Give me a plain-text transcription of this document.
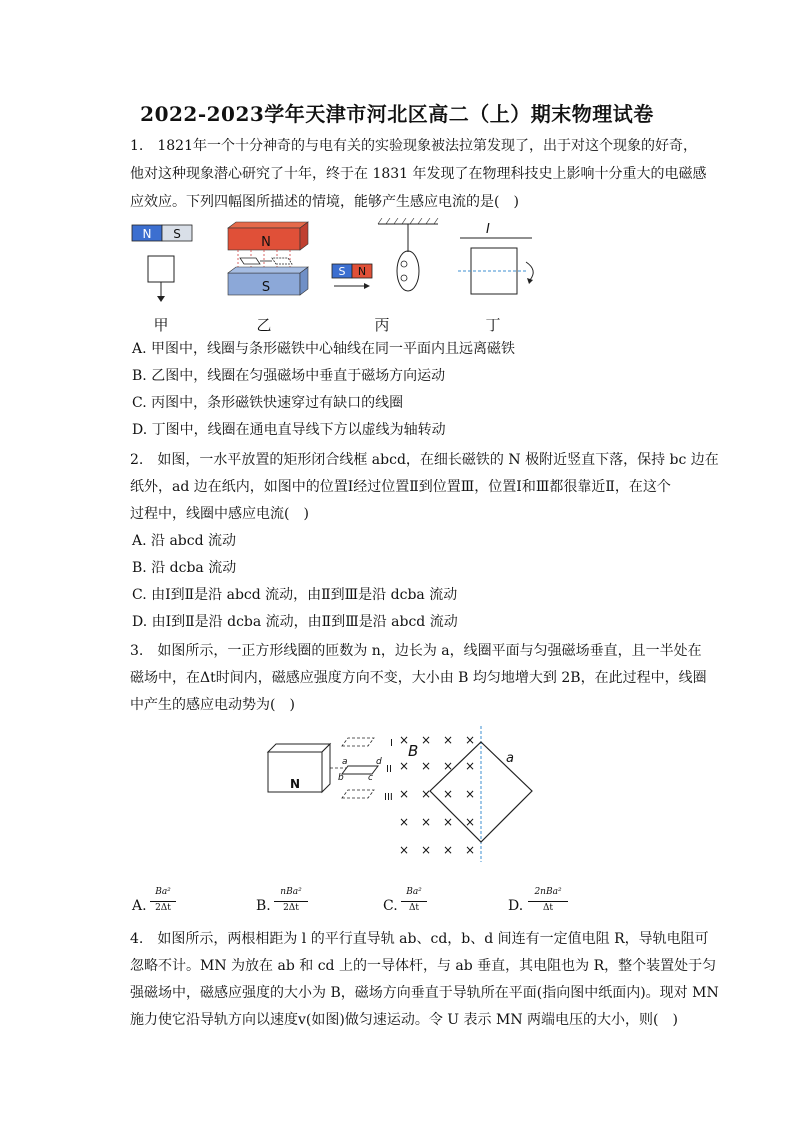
2022-2023学年天津市河北区高二（上）期末物理试卷
1.　1821年一个十分神奇的与电有关的实验现象被法拉第发现了，出于对这个现象的好奇，
他对这种现象潜心研究了十年，终于在 1831 年发现了在物理科技史上影响十分重大的电磁感
应效应。下列四幅图所描述的情境，能够产生感应电流的是(　)
N S
N
S
S N
I
甲	乙	丙	丁
A. 甲图中，线圈与条形磁铁中心轴线在同一平面内且远离磁铁
B. 乙图中，线圈在匀强磁场中垂直于磁场方向运动
C. 丙图中，条形磁铁快速穿过有缺口的线圈
D. 丁图中，线圈在通电直导线下方以虚线为轴转动
2.　如图，一水平放置的矩形闭合线框 abcd，在细长磁铁的 N 极附近竖直下落，保持 bc 边在
纸外，ad 边在纸内，如图中的位置Ⅰ经过位置Ⅱ到位置Ⅲ，位置Ⅰ和Ⅲ都很靠近Ⅱ，在这个
过程中，线圈中感应电流(　)
A. 沿 abcd 流动
B. 沿 dcba 流动
C. 由Ⅰ到Ⅱ是沿 abcd 流动，由Ⅱ到Ⅲ是沿 dcba 流动
D. 由Ⅰ到Ⅱ是沿 dcba 流动，由Ⅱ到Ⅲ是沿 abcd 流动
3.　如图所示，一正方形线圈的匝数为 n，边长为 a，线圈平面与匀强磁场垂直，且一半处在
磁场中，在Δt时间内，磁感应强度方向不变，大小由 B 均匀地增大到 2B，在此过程中，线圈
中产生的感应电动势为(　)
N
a
b	c
d
I
II
III
B
× × × ×
× × × ×
× × × ×
× × × ×
× × × ×
a
A.
Ba²
2Δt	B.
nBa²
2Δt	C.
Ba²
Δt	D.
2nBa²
Δt
4.　如图所示，两根相距为 l 的平行直导轨 ab、cd，b、d 间连有一定值电阻 R，导轨电阻可
忽略不计。MN 为放在 ab 和 cd 上的一导体杆，与 ab 垂直，其电阻也为 R，整个装置处于匀
强磁场中，磁感应强度的大小为 B，磁场方向垂直于导轨所在平面(指向图中纸面内)。现对 MN
施力使它沿导轨方向以速度v(如图)做匀速运动。令 U 表示 MN 两端电压的大小，则(　)
